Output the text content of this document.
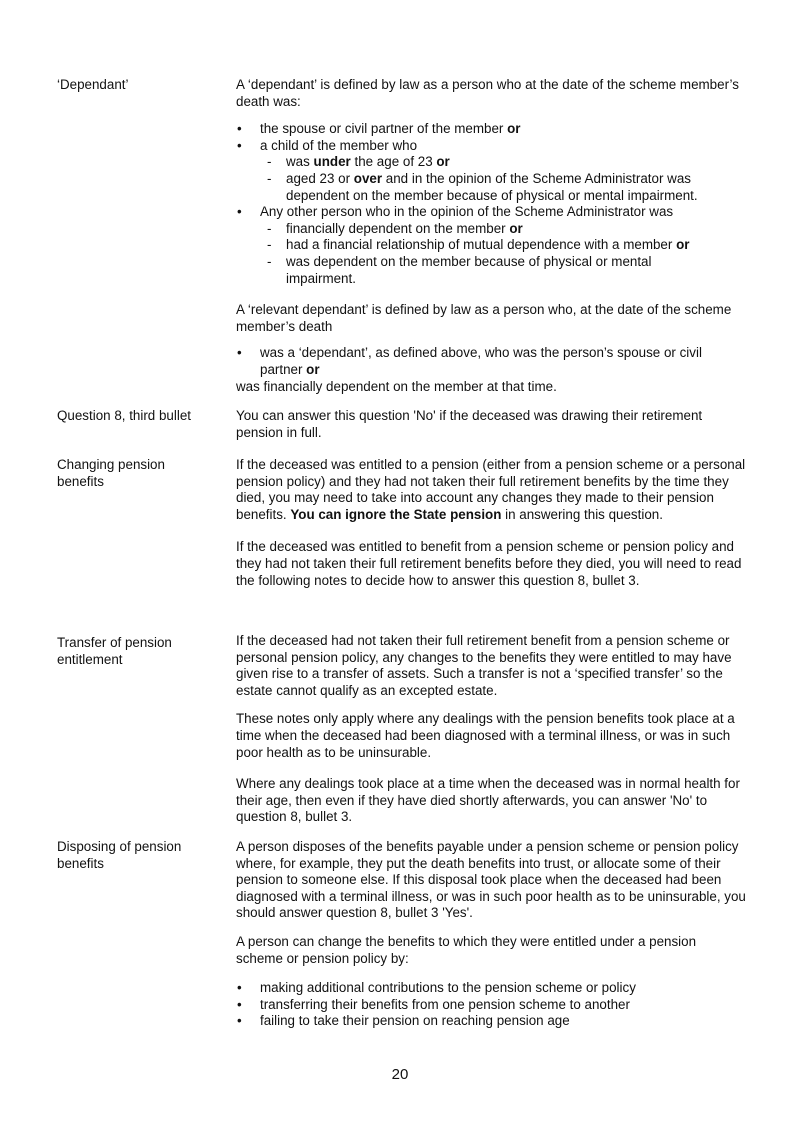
‘Dependant’	A ‘dependant’ is defined by law as a person who at the date of the scheme member’s death was:

• the spouse or civil partner of the member or
• a child of the member who
- was under the age of 23 or
- aged 23 or over and in the opinion of the Scheme Administrator was dependent on the member because of physical or mental impairment.
• Any other person who in the opinion of the Scheme Administrator was
- financially dependent on the member or
- had a financial relationship of mutual dependence with a member or
- was dependent on the member because of physical or mental impairment.

A ‘relevant dependant’ is defined by law as a person who, at the date of the scheme member’s death

• was a ‘dependant’, as defined above, who was the person’s spouse or civil partner or

was financially dependent on the member at that time.

Question 8, third bullet	You can answer this question 'No' if the deceased was drawing their retirement pension in full.

Changing pension benefits

If the deceased was entitled to a pension (either from a pension scheme or a personal pension policy) and they had not taken their full retirement benefits by the time they died, you may need to take into account any changes they made to their pension benefits. You can ignore the State pension in answering this question.

If the deceased was entitled to benefit from a pension scheme or pension policy and they had not taken their full retirement benefits before they died, you will need to read the following notes to decide how to answer this question 8, bullet 3.

Transfer of pension entitlement

If the deceased had not taken their full retirement benefit from a pension scheme or personal pension policy, any changes to the benefits they were entitled to may have given rise to a transfer of assets. Such a transfer is not a ‘specified transfer’ so the estate cannot qualify as an excepted estate.

These notes only apply where any dealings with the pension benefits took place at a time when the deceased had been diagnosed with a terminal illness, or was in such poor health as to be uninsurable.

Where any dealings took place at a time when the deceased was in normal health for their age, then even if they have died shortly afterwards, you can answer 'No' to question 8, bullet 3.

Disposing of pension benefits

A person disposes of the benefits payable under a pension scheme or pension policy where, for example, they put the death benefits into trust, or allocate some of their pension to someone else. If this disposal took place when the deceased had been diagnosed with a terminal illness, or was in such poor health as to be uninsurable, you should answer question 8, bullet 3 'Yes'.

A person can change the benefits to which they were entitled under a pension scheme or pension policy by:

• making additional contributions to the pension scheme or policy
• transferring their benefits from one pension scheme to another
• failing to take their pension on reaching pension age
20
